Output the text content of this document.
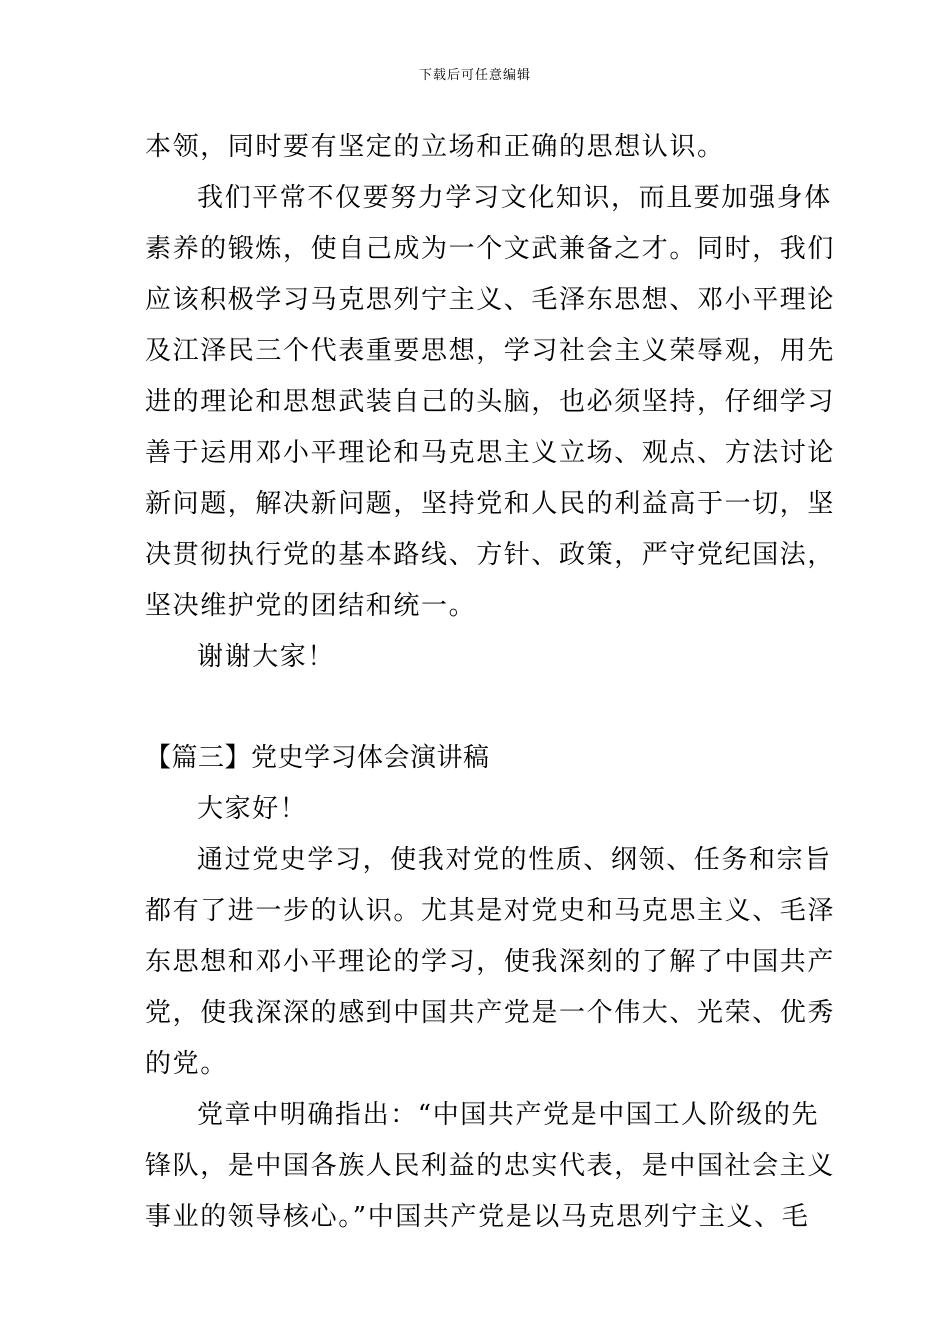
下载后可任意编辑
本领，同时要有坚定的立场和正确的思想认识。
我们平常不仅要努力学习文化知识，而且要加强身体
素养的锻炼，使自己成为一个文武兼备之才。同时，我们
应该积极学习马克思列宁主义、毛泽东思想、邓小平理论
及江泽民三个代表重要思想，学习社会主义荣辱观，用先
进的理论和思想武装自己的头脑，也必须坚持，仔细学习
善于运用邓小平理论和马克思主义立场、观点、方法讨论
新问题，解决新问题，坚持党和人民的利益高于一切，坚
决贯彻执行党的基本路线、方针、政策，严守党纪国法，
坚决维护党的团结和统一。
谢谢大家！
【篇三】党史学习体会演讲稿
大家好！
通过党史学习，使我对党的性质、纲领、任务和宗旨
都有了进一步的认识。尤其是对党史和马克思主义、毛泽
东思想和邓小平理论的学习，使我深刻的了解了中国共产
党，使我深深的感到中国共产党是一个伟大、光荣、优秀
的党。
党章中明确指出：“中国共产党是中国工人阶级的先
锋队，是中国各族人民利益的忠实代表，是中国社会主义
事业的领导核心。”中国共产党是以马克思列宁主义、毛
